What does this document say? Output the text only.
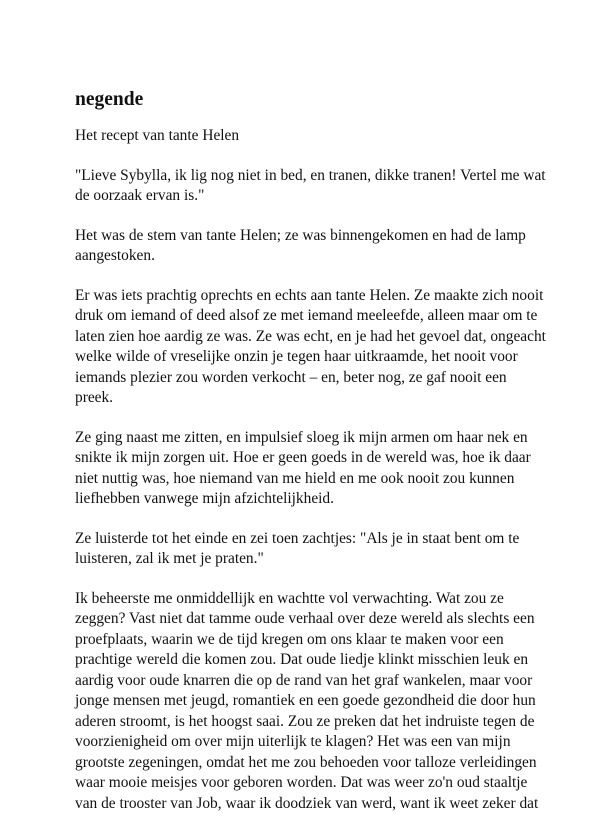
negende

Het recept van tante Helen

"Lieve Sybylla, ik lig nog niet in bed, en tranen, dikke tranen! Vertel me wat de oorzaak ervan is."

Het was de stem van tante Helen; ze was binnengekomen en had de lamp aangestoken.

Er was iets prachtig oprechts en echts aan tante Helen. Ze maakte zich nooit druk om iemand of deed alsof ze met iemand meeleefde, alleen maar om te laten zien hoe aardig ze was. Ze was echt, en je had het gevoel dat, ongeacht welke wilde of vreselijke onzin je tegen haar uitkraamde, het nooit voor iemands plezier zou worden verkocht – en, beter nog, ze gaf nooit een preek.

Ze ging naast me zitten, en impulsief sloeg ik mijn armen om haar nek en snikte ik mijn zorgen uit. Hoe er geen goeds in de wereld was, hoe ik daar niet nuttig was, hoe niemand van me hield en me ook nooit zou kunnen liefhebben vanwege mijn afzichtelijkheid.

Ze luisterde tot het einde en zei toen zachtjes: "Als je in staat bent om te luisteren, zal ik met je praten."

Ik beheerste me onmiddellijk en wachtte vol verwachting. Wat zou ze zeggen? Vast niet dat tamme oude verhaal over deze wereld als slechts een proefplaats, waarin we de tijd kregen om ons klaar te maken voor een prachtige wereld die komen zou. Dat oude liedje klinkt misschien leuk en aardig voor oude knarren die op de rand van het graf wankelen, maar voor jonge mensen met jeugd, romantiek en een goede gezondheid die door hun aderen stroomt, is het hoogst saai. Zou ze preken dat het indruiste tegen de voorzienigheid om over mijn uiterlijk te klagen? Het was een van mijn grootste zegeningen, omdat het me zou behoeden voor talloze verleidingen waar mooie meisjes voor geboren worden. Dat was weer zo'n oud staaltje van de trooster van Job, waar ik doodziek van werd, want ik weet zeker dat
